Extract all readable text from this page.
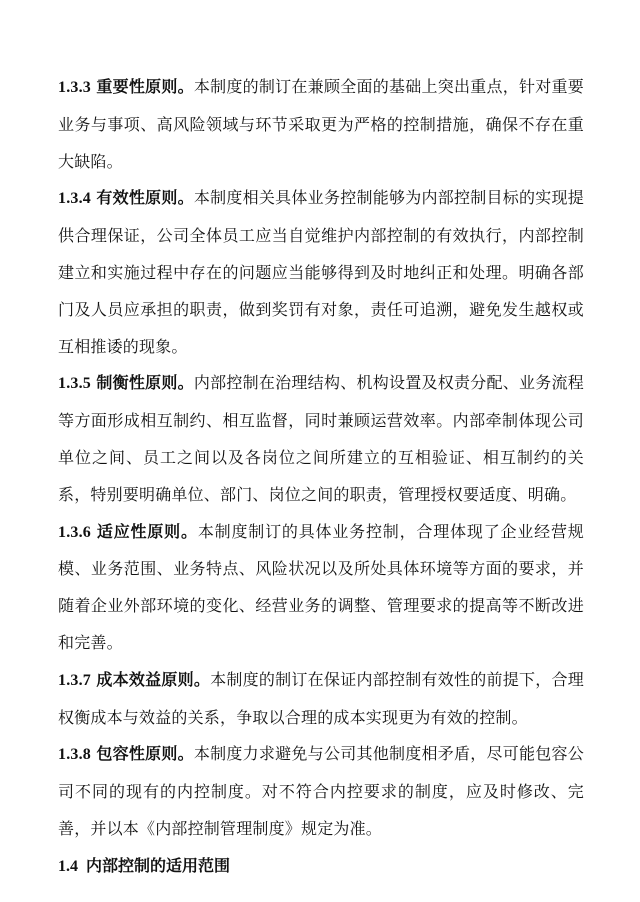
1.3.3 重要性原则。本制度的制订在兼顾全面的基础上突出重点，针对重要业务与事项、高风险领域与环节采取更为严格的控制措施，确保不存在重大缺陷。

1.3.4 有效性原则。本制度相关具体业务控制能够为内部控制目标的实现提供合理保证，公司全体员工应当自觉维护内部控制的有效执行，内部控制建立和实施过程中存在的问题应当能够得到及时地纠正和处理。明确各部门及人员应承担的职责，做到奖罚有对象，责任可追溯，避免发生越权或互相推诿的现象。

1.3.5 制衡性原则。内部控制在治理结构、机构设置及权责分配、业务流程等方面形成相互制约、相互监督，同时兼顾运营效率。内部牵制体现公司单位之间、员工之间以及各岗位之间所建立的互相验证、相互制约的关系，特别要明确单位、部门、岗位之间的职责，管理授权要适度、明确。

1.3.6 适应性原则。本制度制订的具体业务控制，合理体现了企业经营规模、业务范围、业务特点、风险状况以及所处具体环境等方面的要求，并随着企业外部环境的变化、经营业务的调整、管理要求的提高等不断改进和完善。

1.3.7 成本效益原则。本制度的制订在保证内部控制有效性的前提下，合理权衡成本与效益的关系，争取以合理的成本实现更为有效的控制。

1.3.8 包容性原则。本制度力求避免与公司其他制度相矛盾，尽可能包容公司不同的现有的内控制度。对不符合内控要求的制度，应及时修改、完善，并以本《内部控制管理制度》规定为准。

1.4 内部控制的适用范围
